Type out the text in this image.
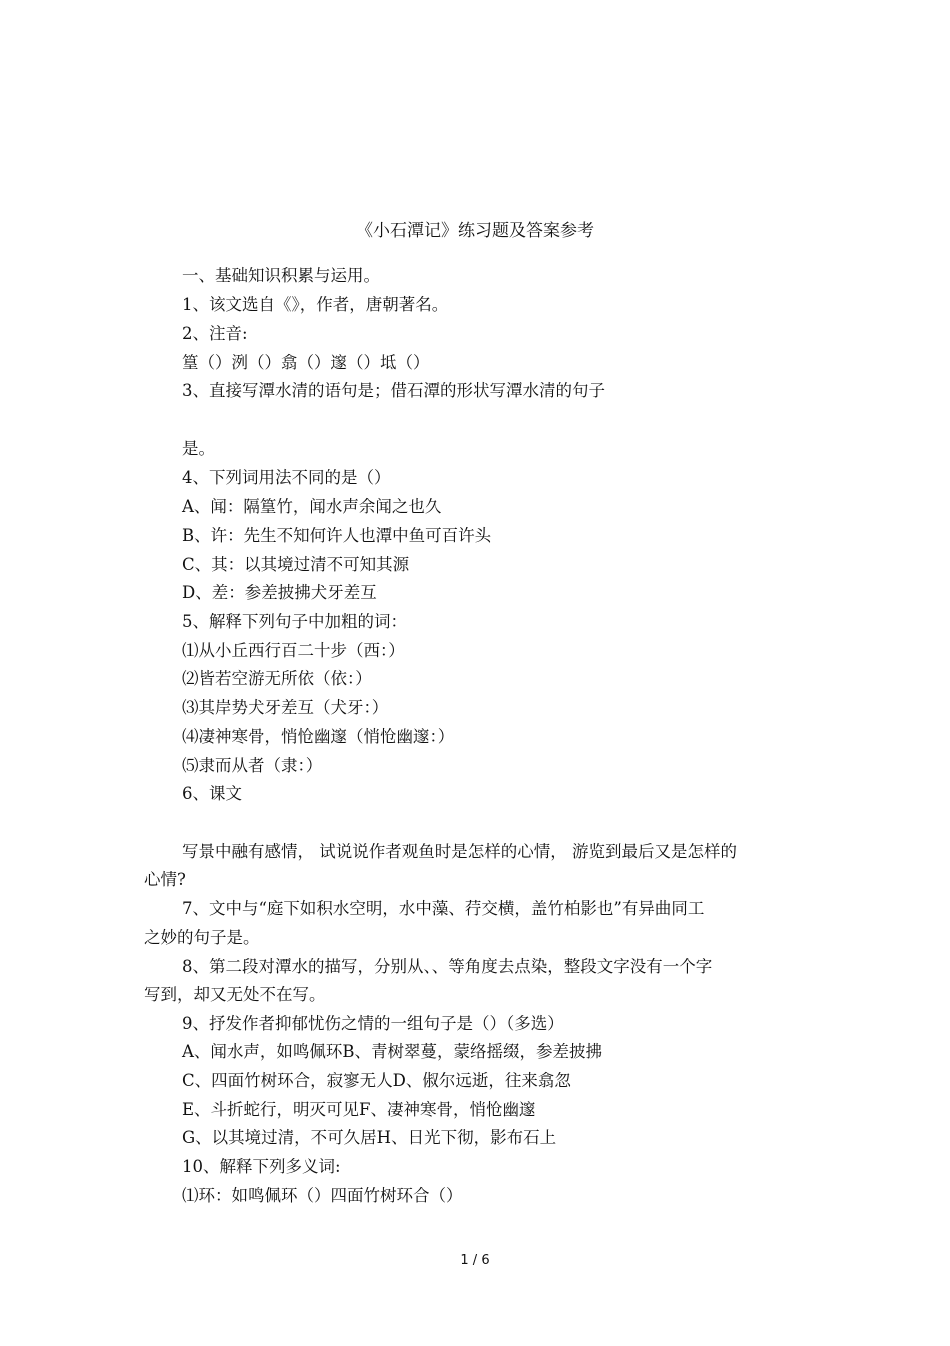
《小石潭记》练习题及答案参考
一、基础知识积累与运用。
1、该文选自《》，作者，唐朝著名。
2、注音:
篁（）洌（）翕（）邃（）坻（）
3、直接写潭水清的语句是；借石潭的形状写潭水清的句子
是。
4、下列词用法不同的是（）
A、闻：隔篁竹，闻水声余闻之也久
B、许：先生不知何许人也潭中鱼可百许头
C、其：以其境过清不可知其源
D、差：参差披拂犬牙差互
5、解释下列句子中加粗的词：
⑴从小丘西行百二十步（西：）
⑵皆若空游无所依（依：）
⑶其岸势犬牙差互（犬牙：）
⑷凄神寒骨，悄怆幽邃（悄怆幽邃：）
⑸隶而从者（隶：）
6、课文
写景中融有感情， 试说说作者观鱼时是怎样的心情， 游览到最后又是怎样的
心情?
7、文中与“庭下如积水空明，水中藻、荇交横，盖竹柏影也”有异曲同工
之妙的句子是。
8、第二段对潭水的描写，分别从、、等角度去点染，整段文字没有一个字
写到，却又无处不在写。
9、抒发作者抑郁忧伤之情的一组句子是（）（多选）
A、闻水声，如鸣佩环B、青树翠蔓，蒙络摇缀，参差披拂
C、四面竹树环合，寂寥无人D、俶尔远逝，往来翕忽
E、斗折蛇行，明灭可见F、凄神寒骨，悄怆幽邃
G、以其境过清，不可久居H、日光下彻，影布石上
10、解释下列多义词:
⑴环：如鸣佩环（）四面竹树环合（）
1 / 6
